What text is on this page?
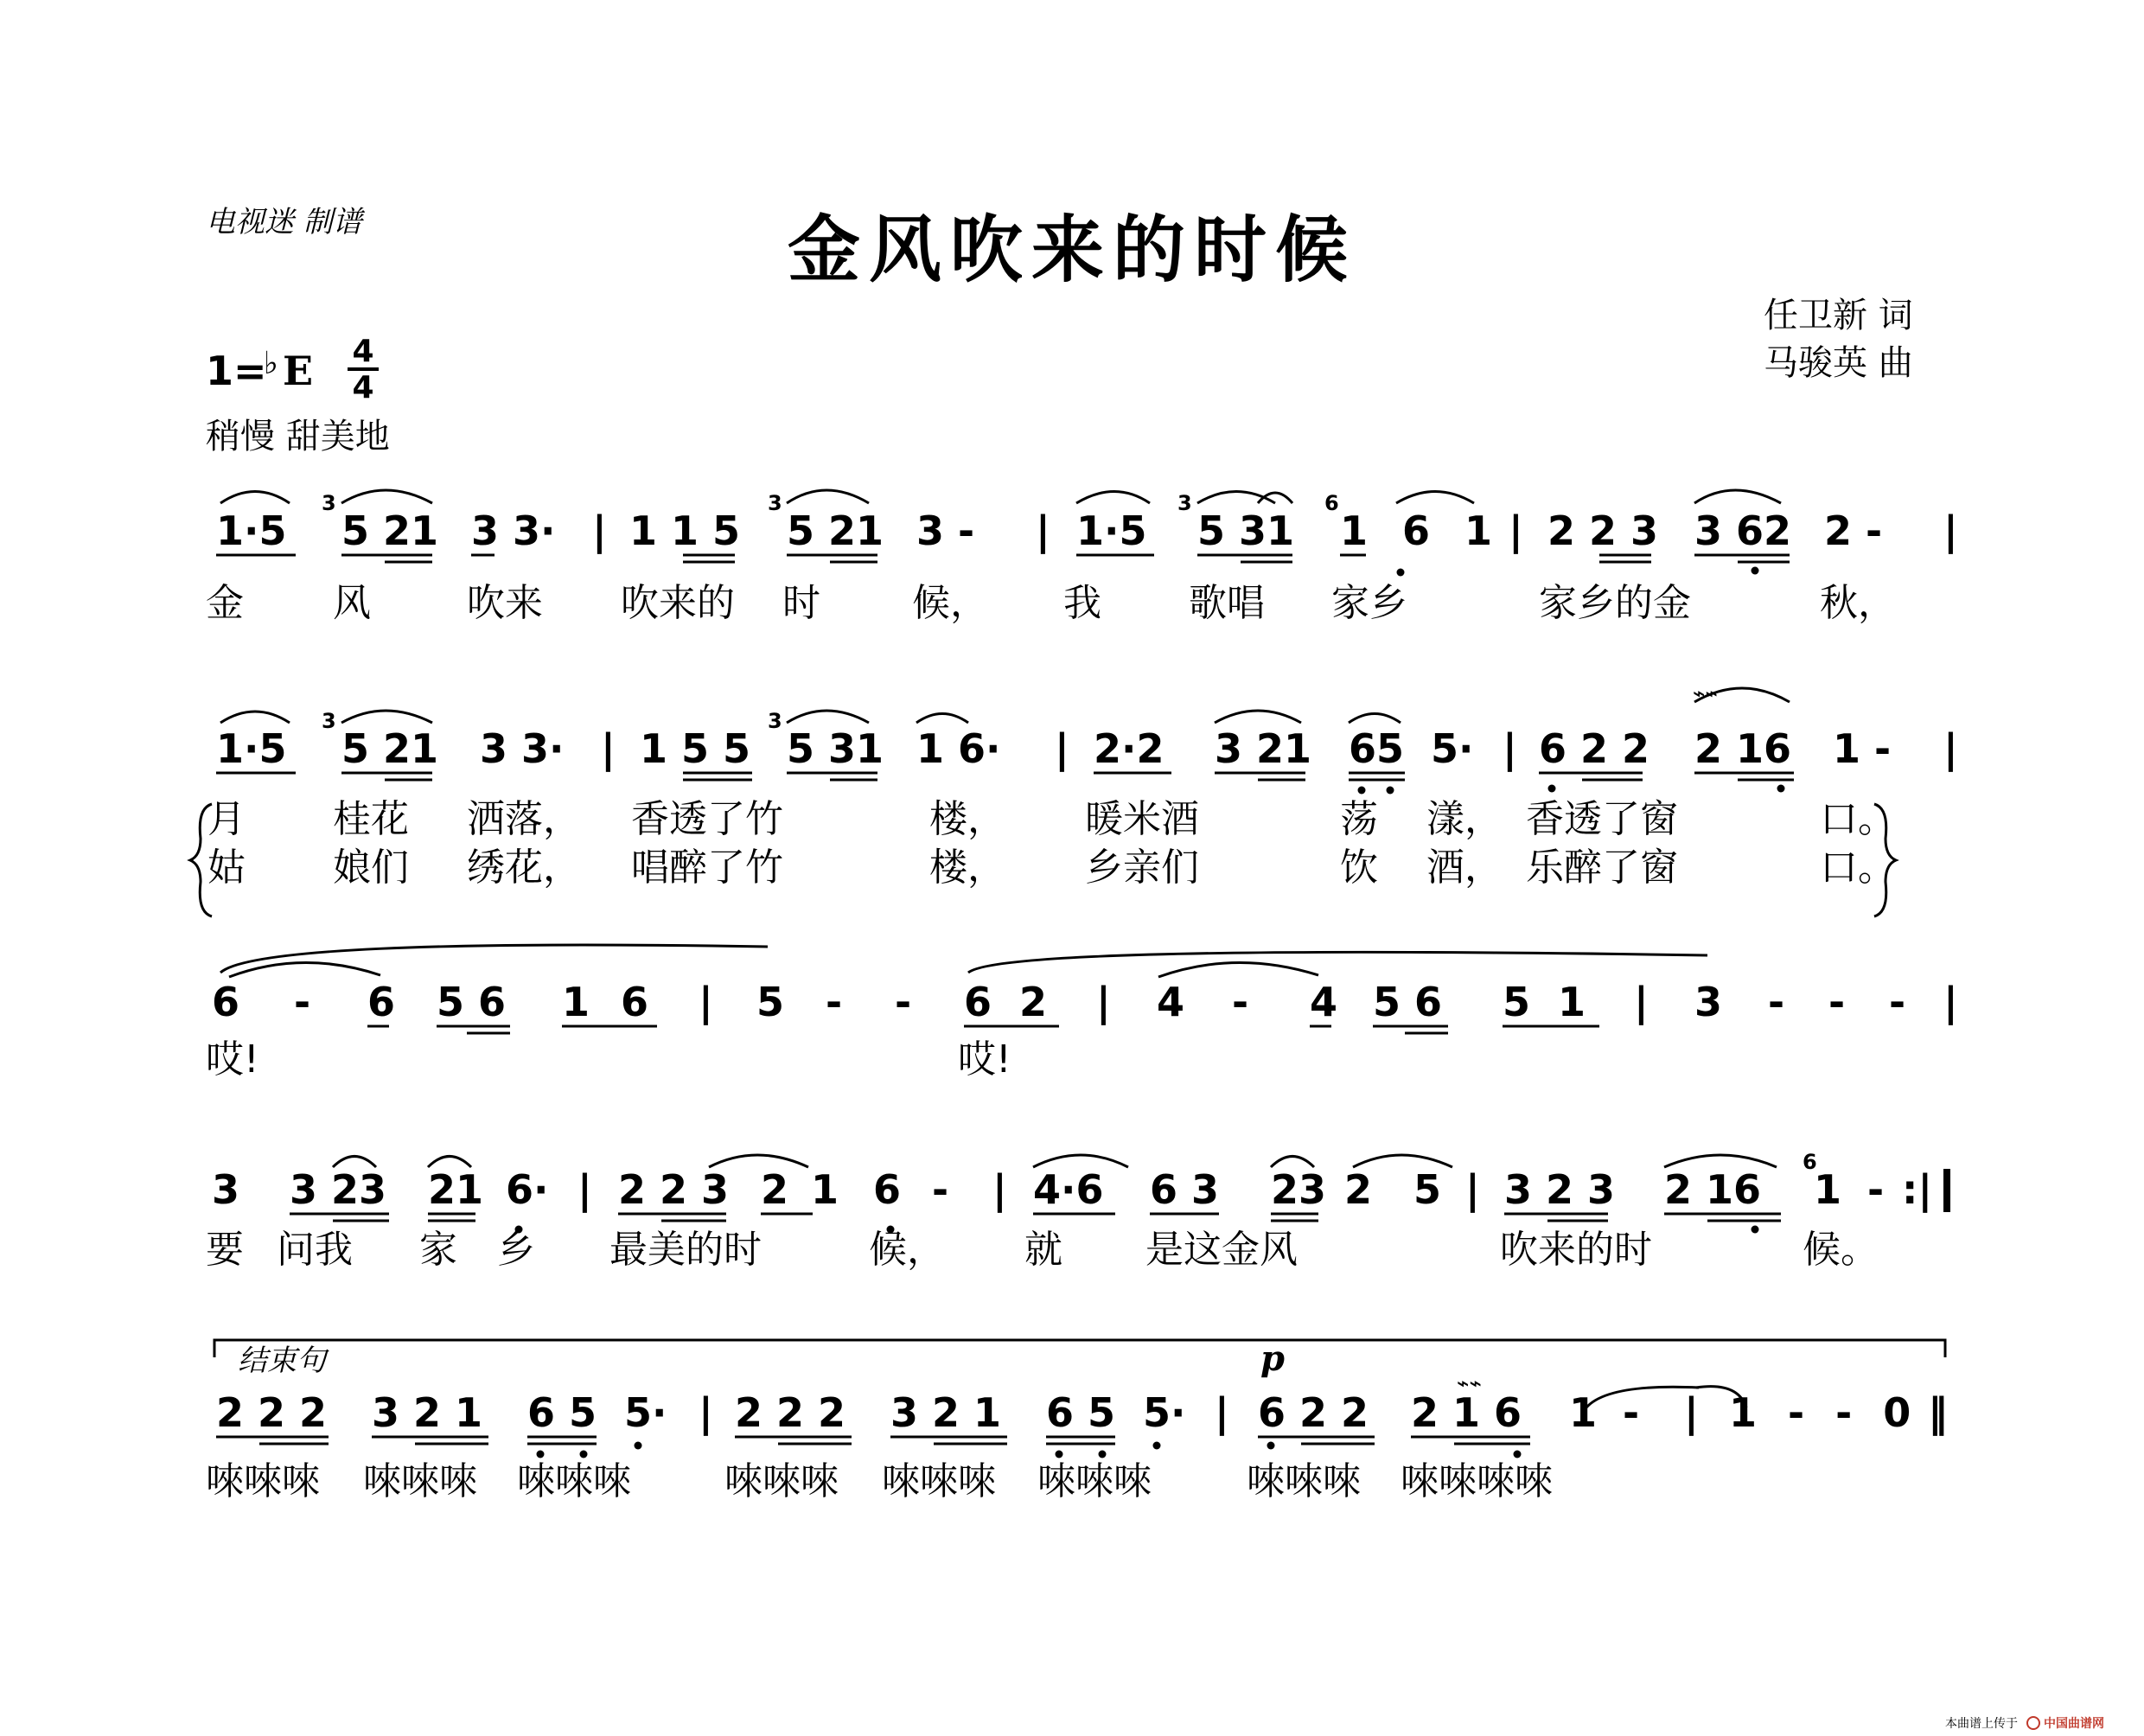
电视迷 制谱	金风吹来的时候
任卫新 词
马骏英 曲
1=
♭ E 4
4
稍慢 甜美地
3	3	3	6
1·5 5 21 3 3· | 1 1 5 5 21 3 - | 1·5 5 31 1 6 1 | 2 2 3 3 62 2 - |
金 风	吹来 吹来的 时 候， 我 歌唱 家乡	家乡的金	秋，
3	3
⌁⌁
1·5 5 21 3 3· | 1 5 5 5 31 1 6· | 2·2 3 21 65 5· | 6 2 2 2 16 1 - |
月 桂花 洒落， 香透了竹	楼， 暖米酒	荡 漾， 香透了窗	口。
姑 娘们 绣花， 唱醉了竹	楼， 乡亲们	饮 酒， 乐醉了窗	口。
6 - 6 5 6 1 6 | 5 - - 6 2 | 4 - 4 5 6 5 1 | 3 - - - |
哎!	哎!
6
3 3 23 21 6· | 2 2 3 2 1 6 - | 4·6 6 3 23 2 5 | 3 2 3 2 16 1 - :|
要 问我 家 乡 最美的时	候， 就 是这金风	吹来的时	候。
结束句	p
⌁⌁
2 2 2 3 2 1 6 5 5· | 2 2 2 3 2 1 6 5 5· | 6 2 2 2 1 6 1 - | 1 - - 0 ‖
唻唻唻 唻唻唻 唻唻唻 唻唻唻 唻唻唻 唻唻唻	唻唻唻 唻唻唻唻
本曲谱上传于 中国曲谱网
